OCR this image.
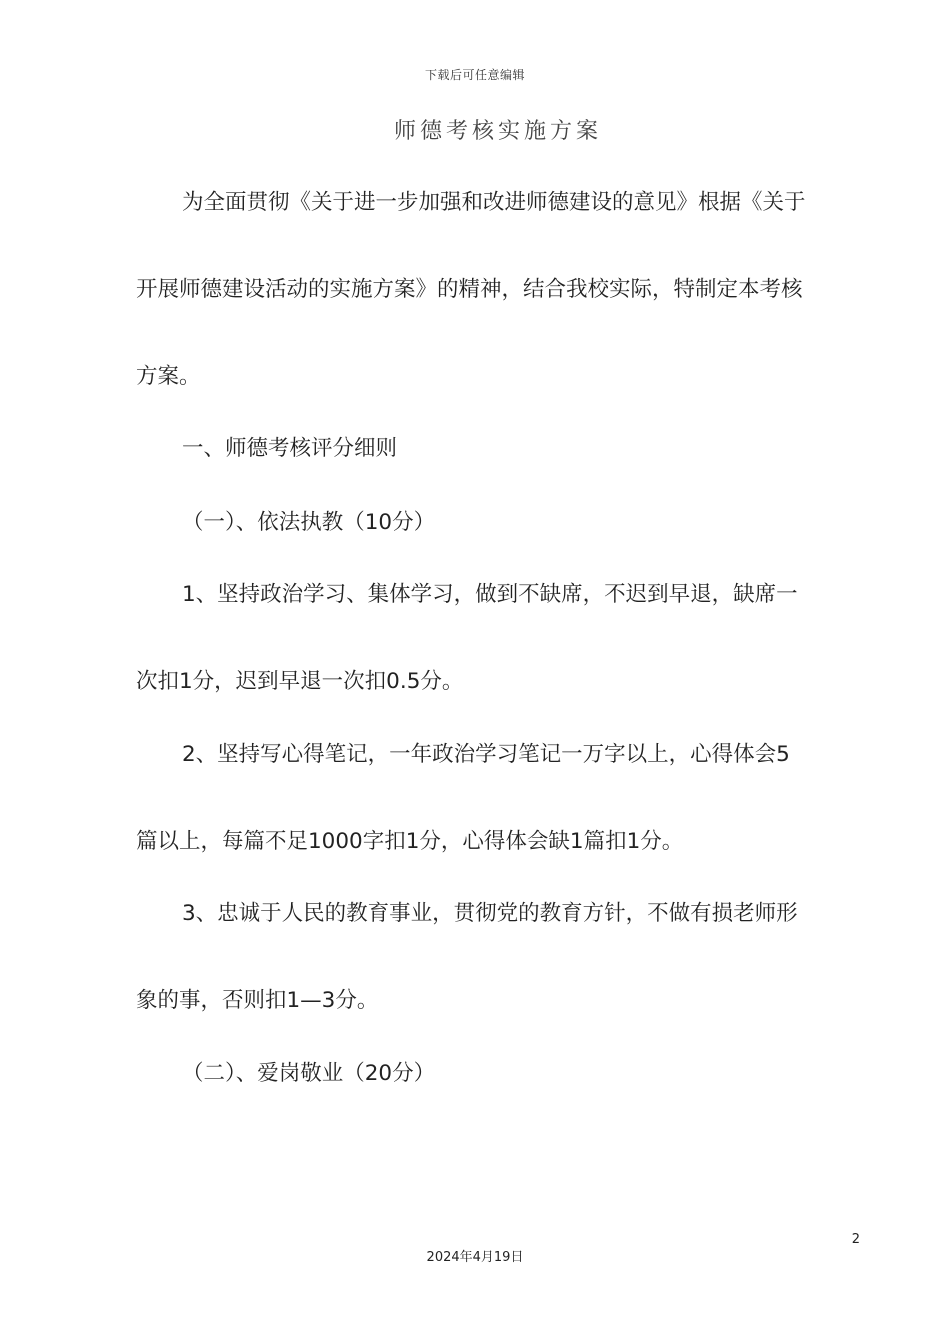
下载后可任意编辑
师德考核实施方案
为全面贯彻《关于进一步加强和改进师德建设的意见》根据《关于
开展师德建设活动的实施方案》的精神，结合我校实际，特制定本考核
方案。
一、师德考核评分细则
（一）、依法执教（10分）
1、坚持政治学习、集体学习，做到不缺席，不迟到早退，缺席一
次扣1分，迟到早退一次扣0.5分。
2、坚持写心得笔记，一年政治学习笔记一万字以上，心得体会5
篇以上，每篇不足1000字扣1分，心得体会缺1篇扣1分。
3、忠诚于人民的教育事业，贯彻党的教育方针，不做有损老师形
象的事，否则扣1—3分。
（二）、爱岗敬业（20分）
2
2024年4月19日
